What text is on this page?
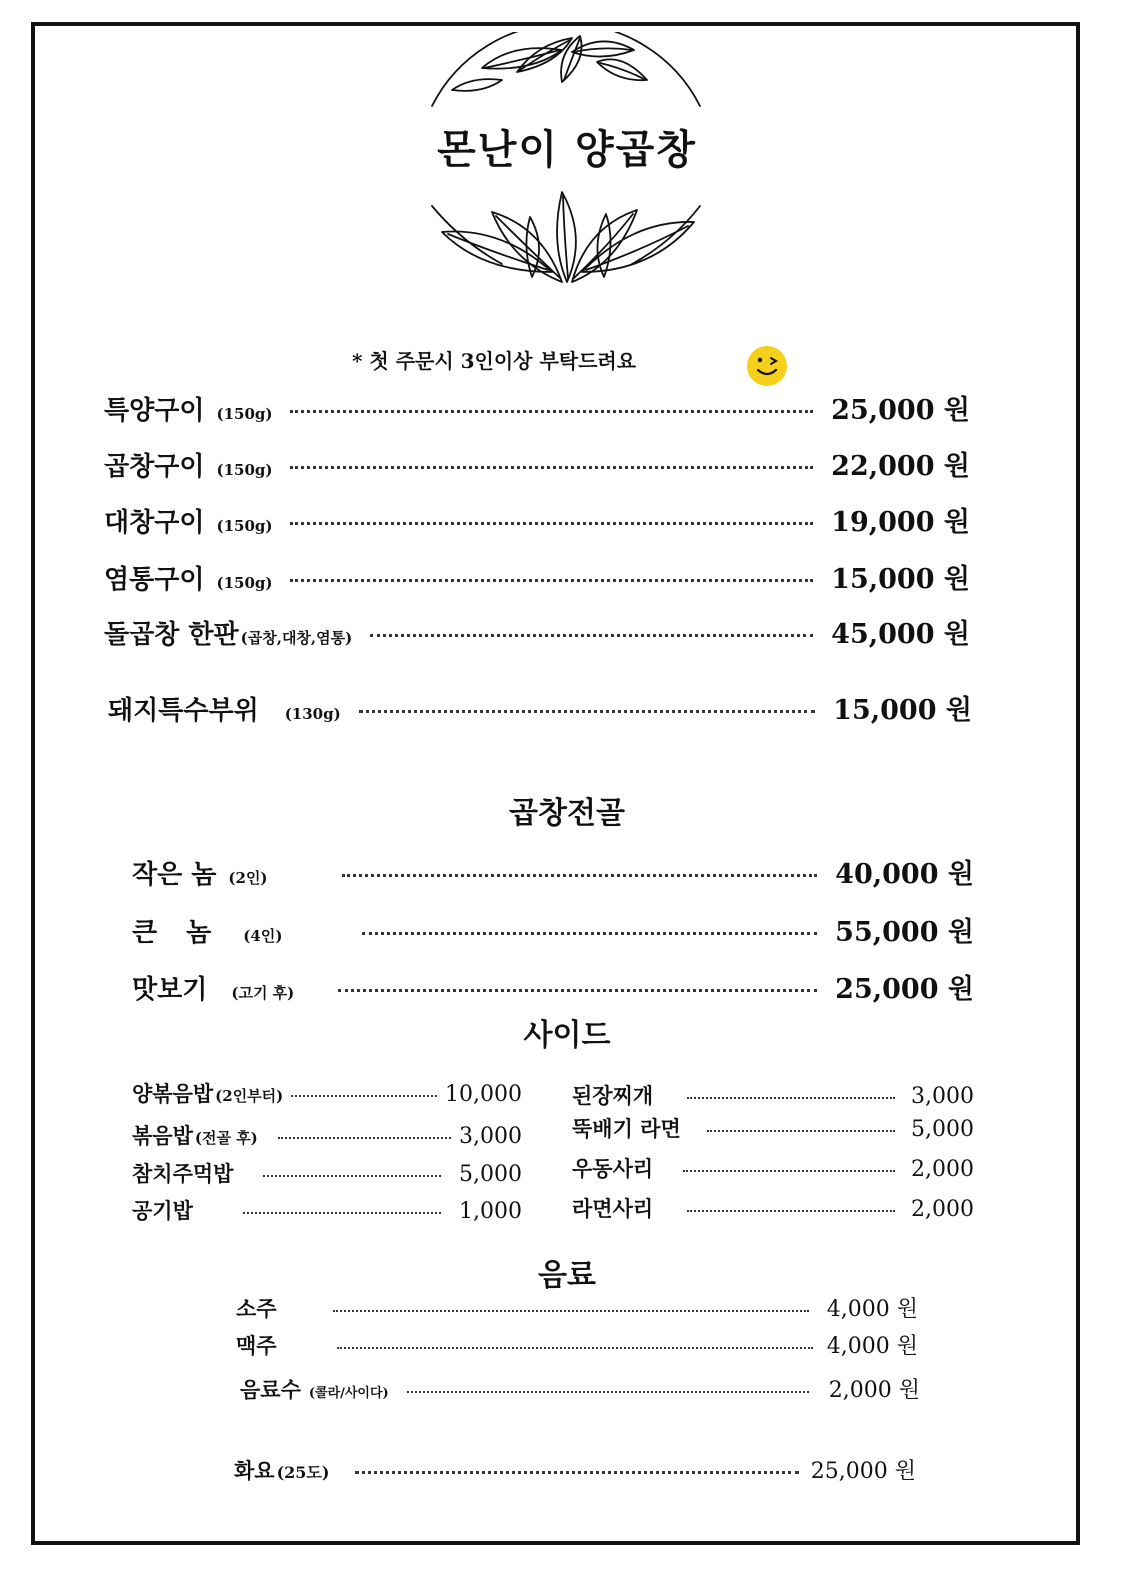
몬난이 양곱창
* 첫 주문시 3인이상 부탁드려요
특양구이 (150g)	25,000 원
곱창구이 (150g)	22,000 원
대창구이 (150g)	19,000 원
염통구이 (150g)	15,000 원
돌곱창 한판 (곱창,대창,염통)	45,000 원
돼지특수부위 (130g)	15,000 원
곱창전골
작은 놈 (2인)	40,000 원
큰 놈 (4인)	55,000 원
맛보기 (고기 후)	25,000 원
사이드
양볶음밥 (2인부터)	10,000
볶음밥 (전골 후)	3,000
참치주먹밥	5,000
공기밥	1,000
된장찌개	3,000
뚝배기 라면	5,000
우동사리	2,000
라면사리	2,000
음료
소주	4,000 원
맥주	4,000 원
음료수 (콜라/사이다)	2,000 원
화요 (25도)	25,000 원
